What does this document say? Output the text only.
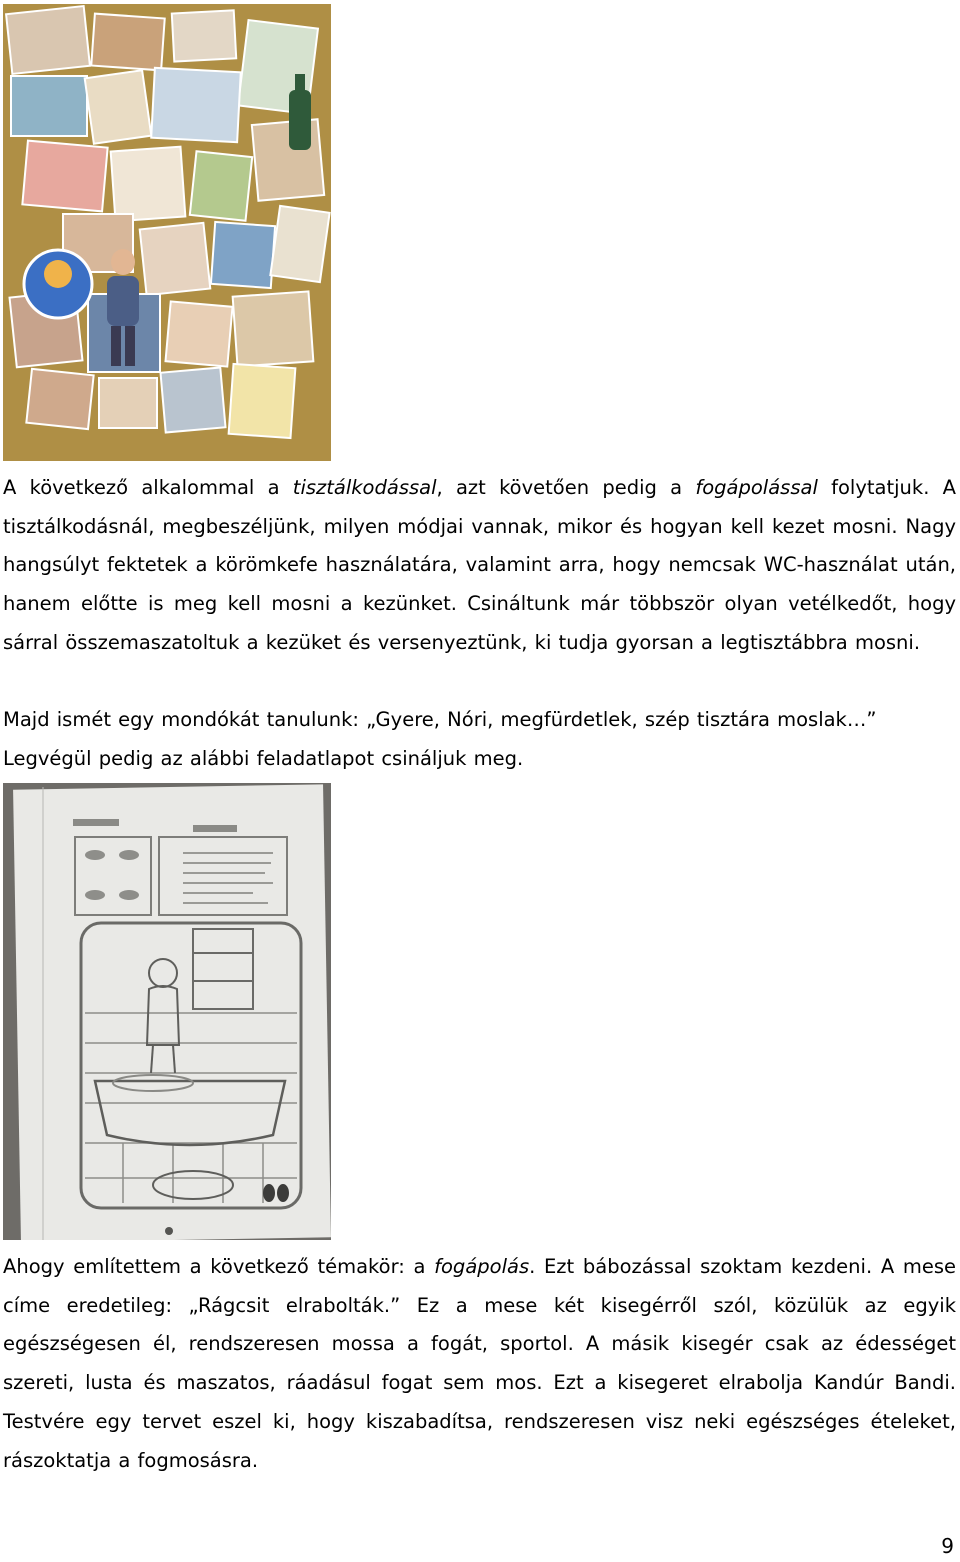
A következő alkalommal a tisztálkodással, azt követően pedig a fogápolással folytatjuk. A tisztálkodásnál, megbeszéljünk, milyen módjai vannak, mikor és hogyan kell kezet mosni. Nagy hangsúlyt fektetek a körömkefe használatára, valamint arra, hogy nemcsak WC-használat után, hanem előtte is meg kell mosni a kezünket. Csináltunk már többször olyan vetélkedőt, hogy sárral összemaszatoltuk a kezüket és versenyeztünk, ki tudja gyorsan a legtisztábbra mosni.

Majd ismét egy mondókát tanulunk: „Gyere, Nóri, megfürdetlek, szép tisztára moslak…”
Legvégül pedig az alábbi feladatlapot csináljuk meg.

Ahogy említettem a következő témakör: a fogápolás. Ezt bábozással szoktam kezdeni. A mese címe eredetileg: „Rágcsit elrabolták.” Ez a mese két kisegérről szól, közülük az egyik egészségesen él, rendszeresen mossa a fogát, sportol. A másik kisegér csak az édességet szereti, lusta és maszatos, ráadásul fogat sem mos. Ezt a kisegeret elrabolja Kandúr Bandi. Testvére egy tervet eszel ki, hogy kiszabadítsa, rendszeresen visz neki egészséges ételeket, rászoktatja a fogmosásra.

9
